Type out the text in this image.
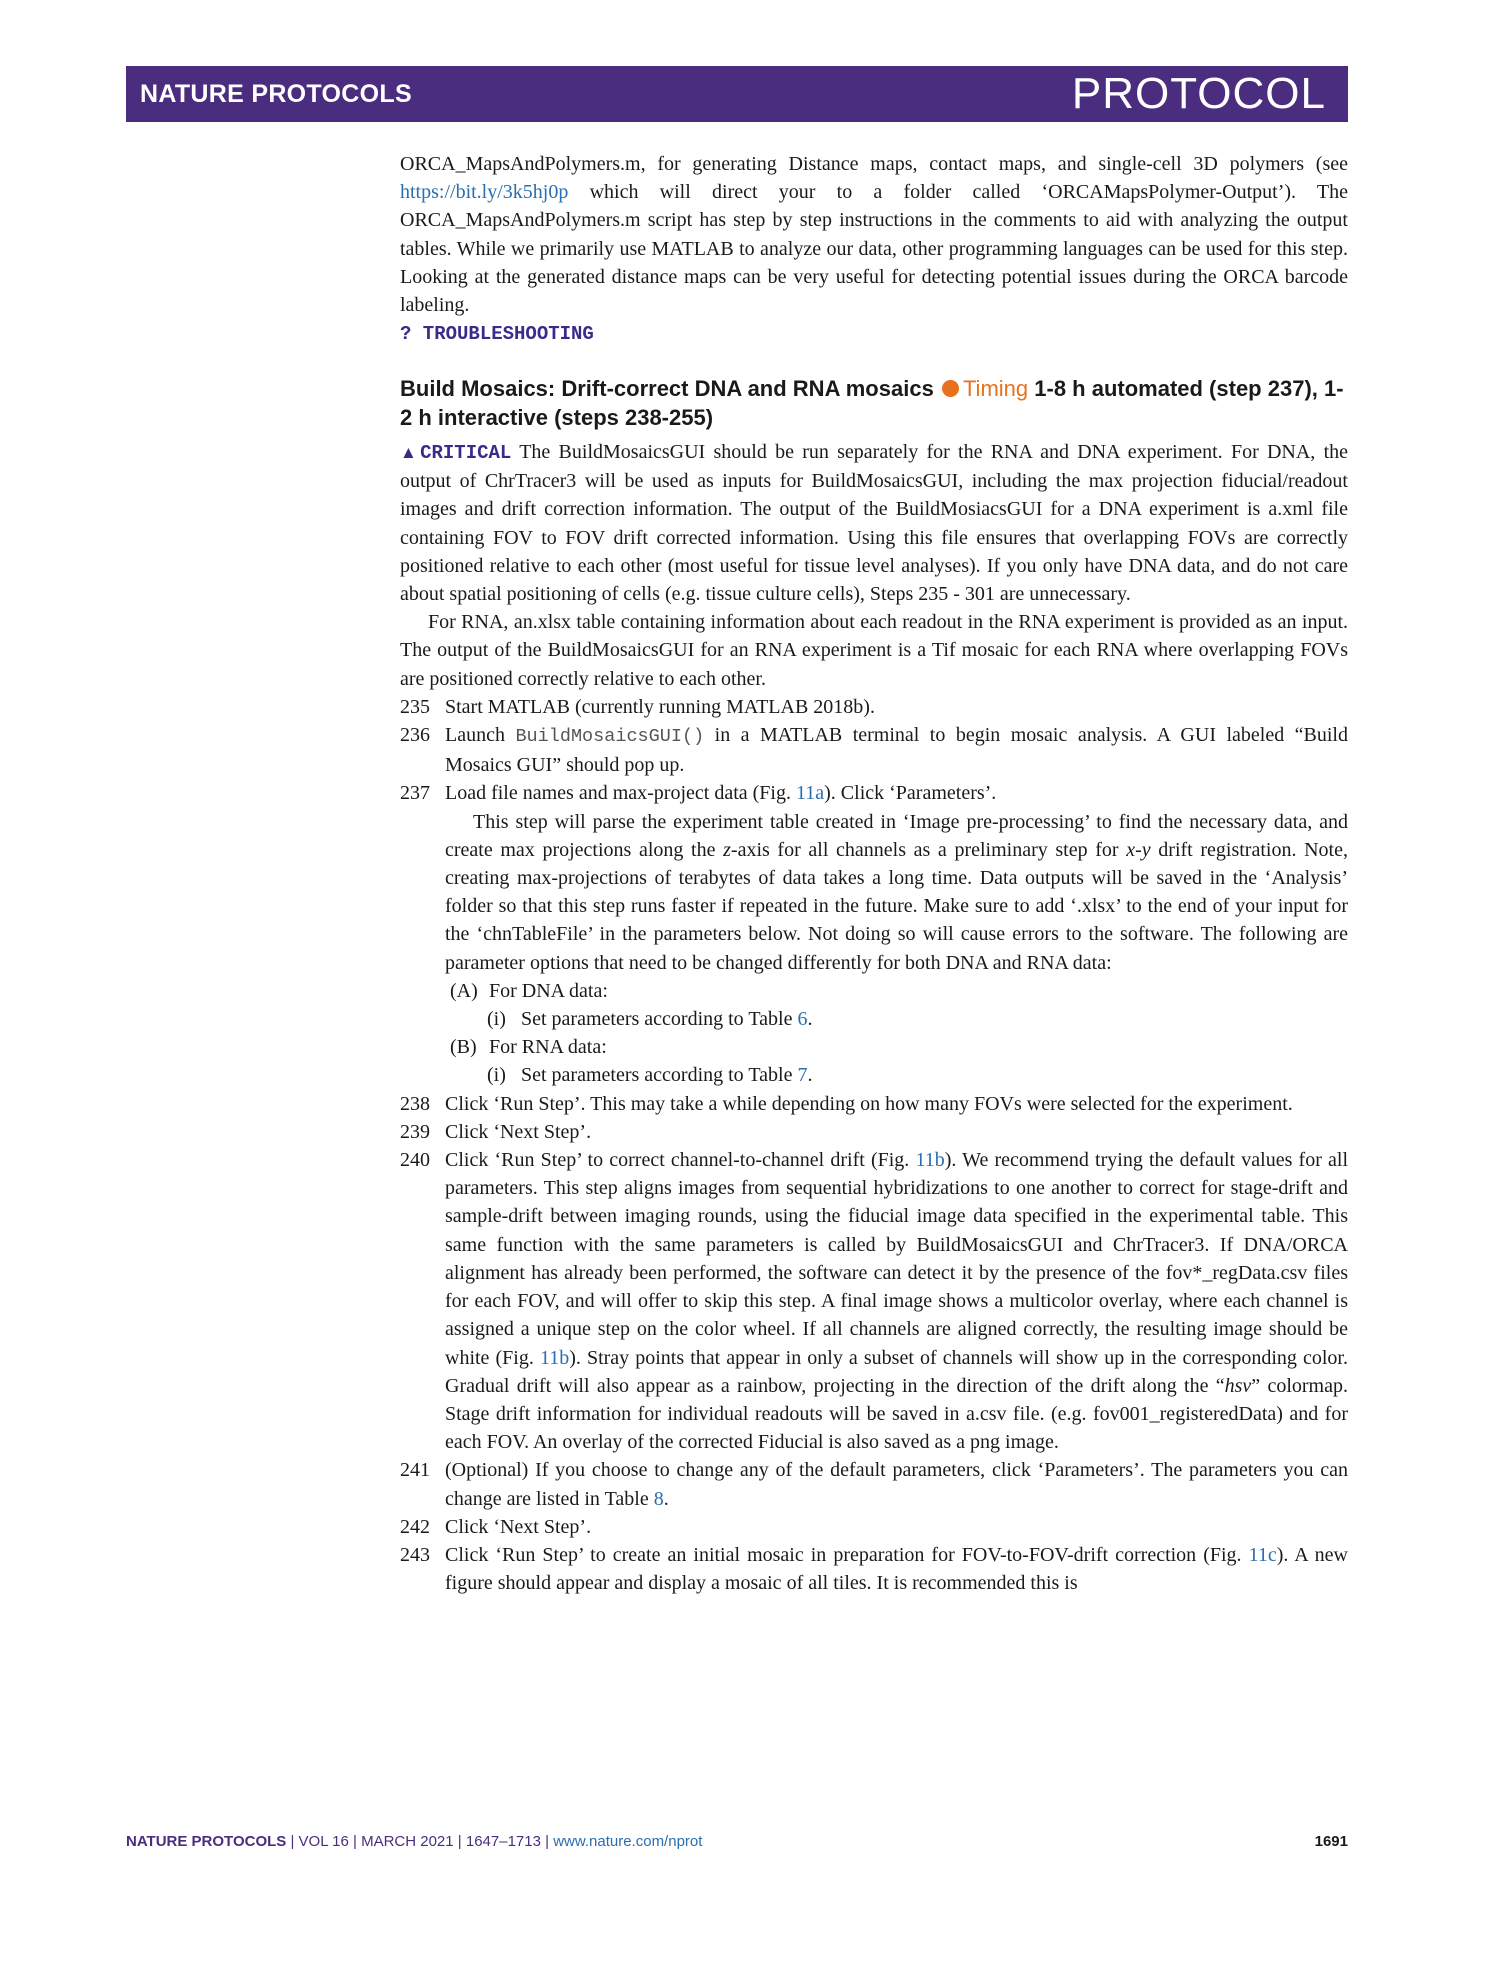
NATURE PROTOCOLS	PROTOCOL

ORCA_MapsAndPolymers.m, for generating Distance maps, contact maps, and single-cell 3D polymers (see https://bit.ly/3k5hj0p which will direct your to a folder called ‘ORCAMapsPolymer-Output’). The ORCA_MapsAndPolymers.m script has step by step instructions in the comments to aid with analyzing the output tables. While we primarily use MATLAB to analyze our data, other programming languages can be used for this step. Looking at the generated distance maps can be very useful for detecting potential issues during the ORCA barcode labeling.

? TROUBLESHOOTING

Build Mosaics: Drift-correct DNA and RNA mosaics Timing 1-8 h automated (step 237), 1-2 h interactive (steps 238-255)

▲CRITICAL The BuildMosaicsGUI should be run separately for the RNA and DNA experiment. For DNA, the output of ChrTracer3 will be used as inputs for BuildMosaicsGUI, including the max projection fiducial/readout images and drift correction information. The output of the BuildMosiacsGUI for a DNA experiment is a.xml file containing FOV to FOV drift corrected information. Using this file ensures that overlapping FOVs are correctly positioned relative to each other (most useful for tissue level analyses). If you only have DNA data, and do not care about spatial positioning of cells (e.g. tissue culture cells), Steps 235 - 301 are unnecessary.

For RNA, an.xlsx table containing information about each readout in the RNA experiment is provided as an input. The output of the BuildMosaicsGUI for an RNA experiment is a Tif mosaic for each RNA where overlapping FOVs are positioned correctly relative to each other.

235 Start MATLAB (currently running MATLAB 2018b).

236 Launch BuildMosaicsGUI() in a MATLAB terminal to begin mosaic analysis. A GUI labeled “Build Mosaics GUI” should pop up.

237 Load file names and max-project data (Fig. 11a). Click ‘Parameters’.

This step will parse the experiment table created in ‘Image pre-processing’ to find the necessary data, and create max projections along the z-axis for all channels as a preliminary step for x-y drift registration. Note, creating max-projections of terabytes of data takes a long time. Data outputs will be saved in the ‘Analysis’ folder so that this step runs faster if repeated in the future. Make sure to add ‘.xlsx’ to the end of your input for the ‘chnTableFile’ in the parameters below. Not doing so will cause errors to the software. The following are parameter options that need to be changed differently for both DNA and RNA data:

(A) For DNA data:

(i) Set parameters according to Table 6.

(B) For RNA data:

(i) Set parameters according to Table 7.

238 Click ‘Run Step’. This may take a while depending on how many FOVs were selected for the experiment.

239 Click ‘Next Step’.

240 Click ‘Run Step’ to correct channel-to-channel drift (Fig. 11b). We recommend trying the default values for all parameters. This step aligns images from sequential hybridizations to one another to correct for stage-drift and sample-drift between imaging rounds, using the fiducial image data specified in the experimental table. This same function with the same parameters is called by BuildMosaicsGUI and ChrTracer3. If DNA/ORCA alignment has already been performed, the software can detect it by the presence of the fov*_regData.csv files for each FOV, and will offer to skip this step. A final image shows a multicolor overlay, where each channel is assigned a unique step on the color wheel. If all channels are aligned correctly, the resulting image should be white (Fig. 11b). Stray points that appear in only a subset of channels will show up in the corresponding color. Gradual drift will also appear as a rainbow, projecting in the direction of the drift along the “hsv” colormap. Stage drift information for individual readouts will be saved in a.csv file. (e.g. fov001_registeredData) and for each FOV. An overlay of the corrected Fiducial is also saved as a png image.

241 (Optional) If you choose to change any of the default parameters, click ‘Parameters’. The parameters you can change are listed in Table 8.

242 Click ‘Next Step’.

243 Click ‘Run Step’ to create an initial mosaic in preparation for FOV-to-FOV-drift correction (Fig. 11c). A new figure should appear and display a mosaic of all tiles. It is recommended this is

NATURE PROTOCOLS | VOL 16 | MARCH 2021 | 1647–1713 | www.nature.com/nprot	1691
